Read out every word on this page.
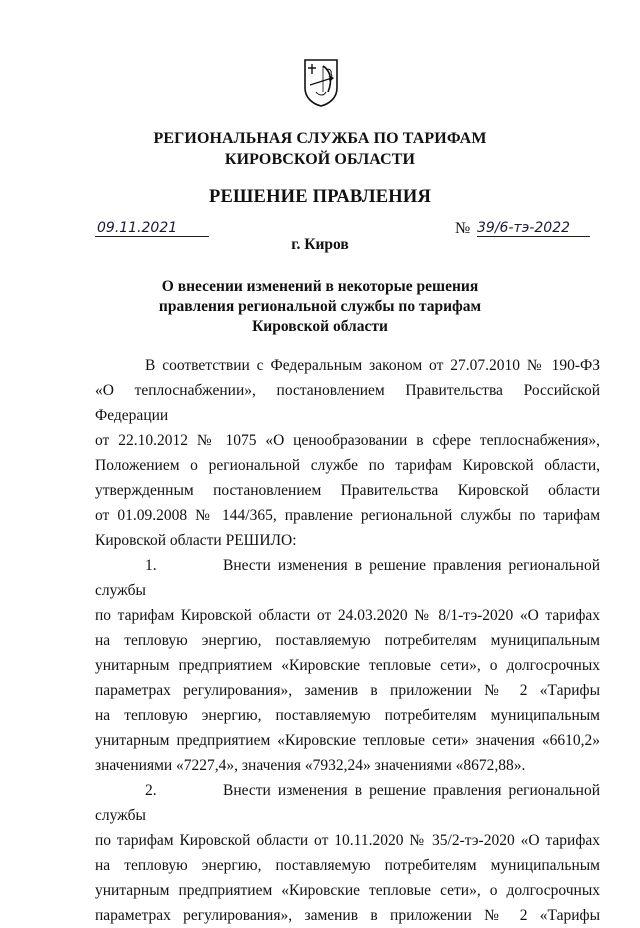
РЕГИОНАЛЬНАЯ СЛУЖБА ПО ТАРИФАМ
КИРОВСКОЙ ОБЛАСТИ
РЕШЕНИЕ ПРАВЛЕНИЯ
09.11.2021	№ 39/6-тэ-2022
г. Киров
О внесении изменений в некоторые решения
правления региональной службы по тарифам
Кировской области

В соответствии с Федеральным законом от 27.07.2010 № 190-ФЗ

«О теплоснабжении», постановлением Правительства Российской Федерации

от 22.10.2012 № 1075 «О ценообразовании в сфере теплоснабжения»,

Положением о региональной службе по тарифам Кировской области,

утвержденным постановлением Правительства Кировской области

от 01.09.2008 № 144/365, правление региональной службы по тарифам

Кировской области РЕШИЛО:

1.	Внести изменения в решение правления региональной службы

по тарифам Кировской области от 24.03.2020 № 8/1-тэ-2020 «О тарифах

на тепловую энергию, поставляемую потребителям муниципальным

унитарным предприятием «Кировские тепловые сети», о долгосрочных

параметрах регулирования», заменив в приложении № 2 «Тарифы

на тепловую энергию, поставляемую потребителям муниципальным

унитарным предприятием «Кировские тепловые сети» значения «6610,2»

значениями «7227,4», значения «7932,24» значениями «8672,88».

2.	Внести изменения в решение правления региональной службы

по тарифам Кировской области от 10.11.2020 № 35/2-тэ-2020 «О тарифах

на тепловую энергию, поставляемую потребителям муниципальным

унитарным предприятием «Кировские тепловые сети», о долгосрочных

параметрах регулирования», заменив в приложении № 2 «Тарифы
